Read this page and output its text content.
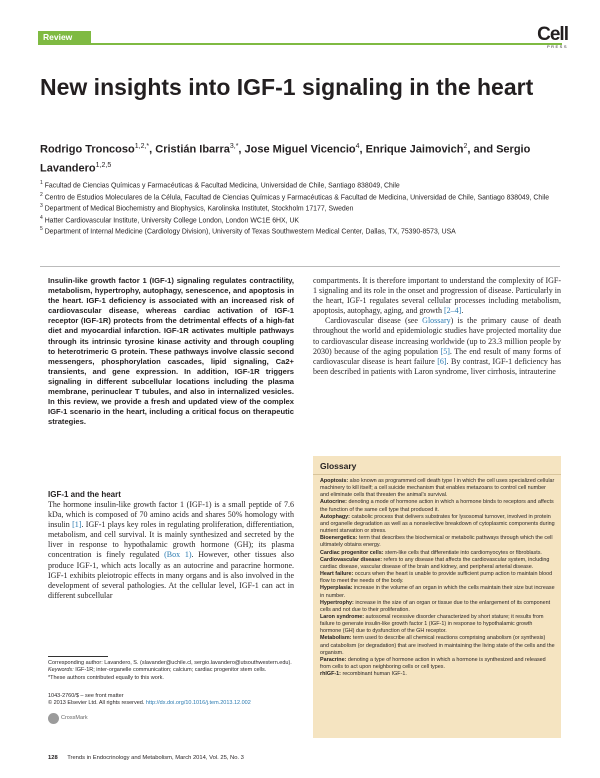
Review	Cell
PRESS
New insights into IGF-1 signaling in the heart

Rodrigo Troncoso$^{1,2,*}$, Cristián Ibarra$^{3,*}$, Jose Miguel Vicencio$^4$, Enrique Jaimovich$^2$, and Sergio Lavandero$^{1,2,5}$

$^1$ Facultad de Ciencias Químicas y Farmacéuticas & Facultad Medicina, Universidad de Chile, Santiago 838049, Chile
$^2$ Centro de Estudios Moleculares de la Célula, Facultad de Ciencias Químicas y Farmacéuticas & Facultad de Medicina, Universidad de Chile, Santiago 838049, Chile
$^3$ Department of Medical Biochemistry and Biophysics, Karolinska Institutet, Stockholm 17177, Sweden
$^4$ Hatter Cardiovascular Institute, University College London, London WC1E 6HX, UK
$^5$ Department of Internal Medicine (Cardiology Division), University of Texas Southwestern Medical Center, Dallas, TX, 75390-8573, USA

Insulin-like growth factor 1 (IGF-1) signaling regulates contractility, metabolism, hypertrophy, autophagy, senescence, and apoptosis in the heart. IGF-1 deficiency is associated with an increased risk of cardiovascular disease, whereas cardiac activation of IGF-1 receptor (IGF-1R) protects from the detrimental effects of a high-fat diet and myocardial infarction. IGF-1R activates multiple pathways through its intrinsic tyrosine kinase activity and through coupling to heterotrimeric G protein. These pathways involve classic second messengers, phosphorylation cascades, lipid signaling, Ca2+ transients, and gene expression. In addition, IGF-1R triggers signaling in different subcellular locations including the plasma membrane, perinuclear T tubules, and also in internalized vesicles. In this review, we provide a fresh and updated view of the complex IGF-1 scenario in the heart, including a critical focus on therapeutic strategies.

IGF-1 and the heart

The hormone insulin-like growth factor 1 (IGF-1) is a small peptide of 7.6 kDa, which is composed of 70 amino acids and shares 50% homology with insulin [1]. IGF-1 plays key roles in regulating proliferation, differentiation, metabolism, and cell survival. It is mainly synthesized and secreted by the liver in response to hypothalamic growth hormone (GH); its plasma concentration is finely regulated (Box 1). However, other tissues also produce IGF-1, which acts locally as an autocrine and paracrine hormone. IGF-1 exhibits pleiotropic effects in many organs and is also involved in the development of several pathologies. At the cellular level, IGF-1 can act in different subcellular

compartments. It is therefore important to understand the complexity of IGF-1 signaling and its role in the onset and progression of disease. Particularly in the heart, IGF-1 regulates several cellular processes including metabolism, apoptosis, autophagy, aging, and growth [2–4].

Cardiovascular disease (see Glossary) is the primary cause of death throughout the world and epidemiologic studies have projected mortality due to cardiovascular disease increasing worldwide (up to 23.3 million people by 2030) because of the aging population [5]. The end result of many forms of cardiovascular disease is heart failure [6]. By contrast, IGF-1 deficiency has been described in patients with Laron syndrome, liver cirrhosis, intrauterine

Glossary
Apoptosis: also known as programmed cell death type I in which the cell uses specialized cellular machinery to kill itself; a cell suicide mechanism that enables metazoans to control cell number and eliminate cells that threaten the animal's survival.
Autocrine: denoting a mode of hormone action in which a hormone binds to receptors and affects the function of the same cell type that produced it.
Autophagy: catabolic process that delivers substrates for lysosomal turnover, involved in protein and organelle degradation as well as a nonselective breakdown of cytoplasmic components during nutrient starvation or stress.
Bioenergetics: term that describes the biochemical or metabolic pathways through which the cell ultimately obtains energy.
Cardiac progenitor cells: stem-like cells that differentiate into cardiomyocytes or fibroblasts.
Cardiovascular disease: refers to any disease that affects the cardiovascular system, including cardiac disease, vascular disease of the brain and kidney, and peripheral arterial disease.
Heart failure: occurs when the heart is unable to provide sufficient pump action to maintain blood flow to meet the needs of the body.
Hyperplasia: increase in the volume of an organ in which the cells maintain their size but increase in number.
Hypertrophy: increase in the size of an organ or tissue due to the enlargement of its component cells and not due to their proliferation.
Laron syndrome: autosomal recessive disorder characterized by short stature; it results from failure to generate insulin-like growth factor 1 (IGF-1) in response to hypothalamic growth hormone (GH) due to dysfunction of the GH receptor.
Metabolism: term used to describe all chemical reactions comprising anabolism (or synthesis) and catabolism (or degradation) that are involved in maintaining the living state of the cells and the organism.
Paracrine: denoting a type of hormone action in which a hormone is synthesized and released from cells to act upon neighboring cells or cell types.
rhIGF-1: recombinant human IGF-1.
Corresponding author: Lavandero, S. (slavander@uchile.cl, sergio.lavandero@utsouthwestern.edu).
Keywords: IGF-1R; inter-organelle communication; calcium; cardiac progenitor stem cells.
*These authors contributed equally to this work.
1043-2760/$ – see front matter
© 2013 Elsevier Ltd. All rights reserved. http://dx.doi.org/10.1016/j.tem.2013.12.002
CrossMark
128 Trends in Endocrinology and Metabolism, March 2014, Vol. 25, No. 3
